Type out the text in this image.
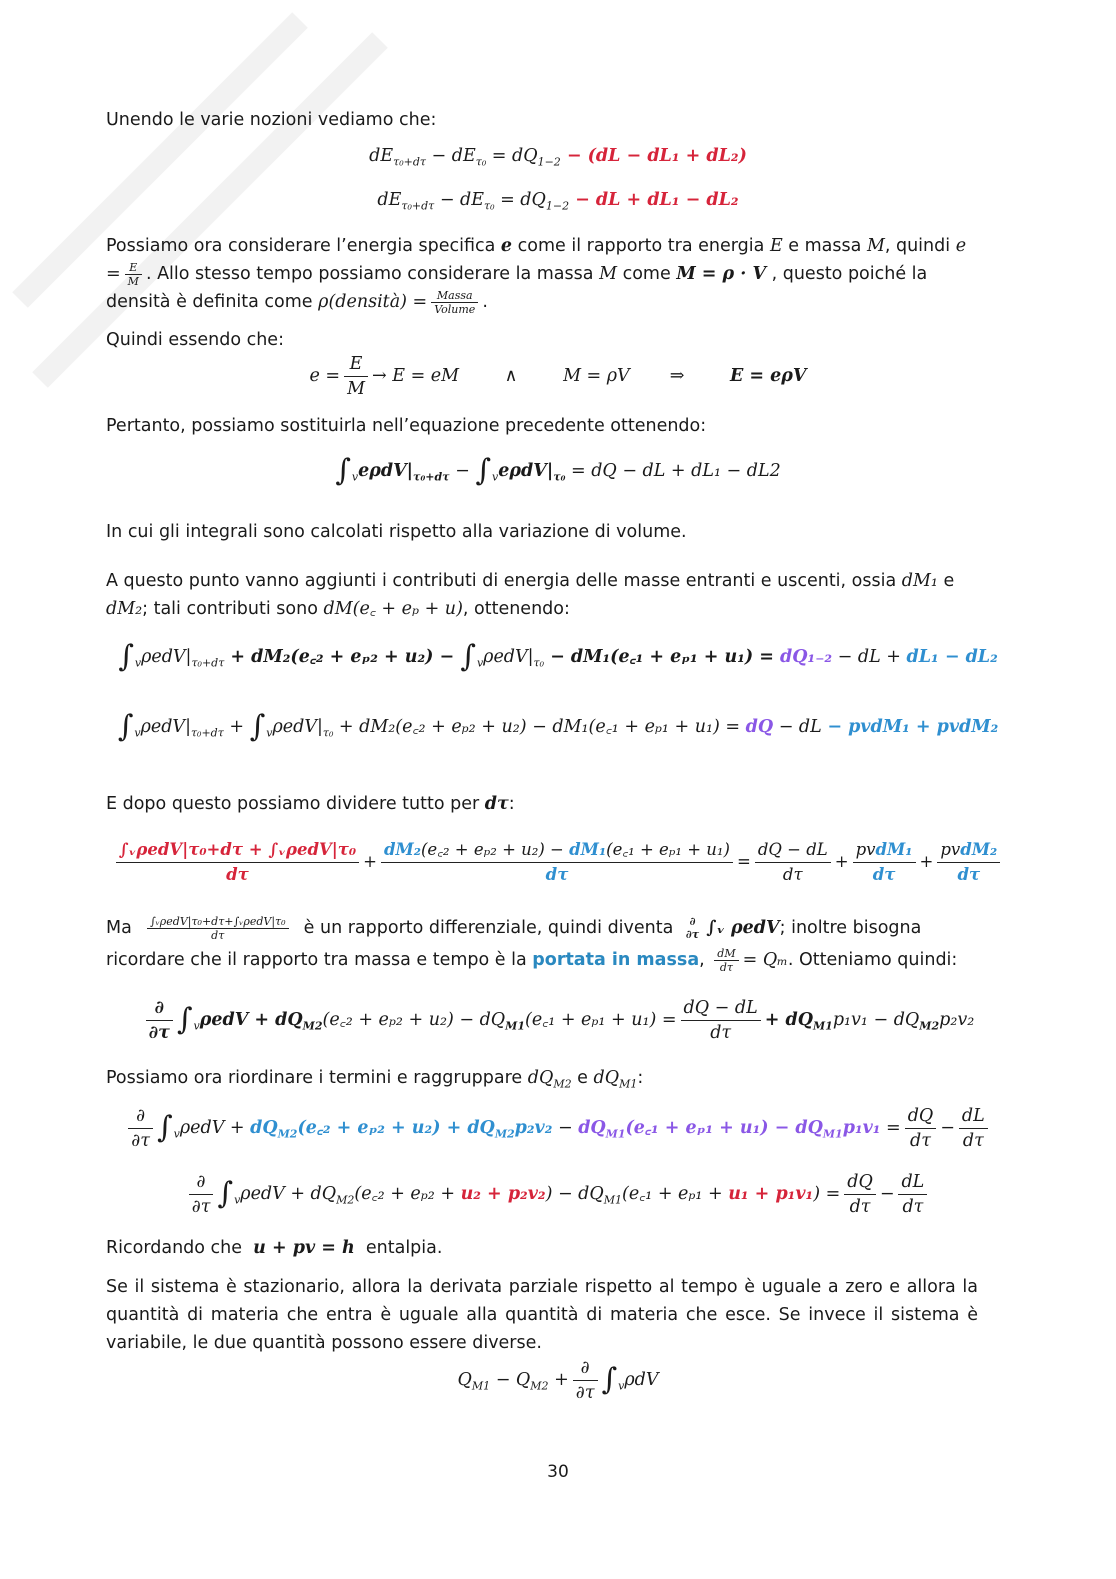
Unendo le varie nozioni vediamo che:
$dE_{\tau_0+d\tau} - dE_{\tau_0} = dQ_{1-2} - (dL - dL_1 + dL_2)$
$dE_{\tau_0+d\tau} - dE_{\tau_0} = dQ_{1-2}$ − dL + dL₁ − dL₂
Possiamo ora considerare l’energia specifica e come il rapporto tra energia E e massa M, quindi $e = \frac{E}{M}$ . Allo stesso tempo possiamo considerare la massa M come M = ρ · V , questo poiché la densità è definita come ρ(densità) = $\frac{\text{Massa}}{\text{Volume}}$ .
Quindi essendo che:
$e = \frac{E}{M} \to E$ = eM	∧	M = ρV ⇒	E = eρV
Pertanto, possiamo sostituirla nell’equazione precedente ottenendo:
$\int_ve\rho dV|_{\tau_0+d\tau} - \int_ve\rho dV|_{\tau_0}$ = dQ − dL + dL₁ − dL2
In cui gli integrali sono calcolati rispetto alla variazione di volume.
A questo punto vanno aggiunti i contributi di energia delle masse entranti e uscenti, ossia dM₁ e dM₂; tali contributi sono dM(e꜀ + eₚ + u), ottenendo:
$\int_v\rho edV|_{\tau_0+d\tau}$ + dM₂(e꜀₂ + $e_{p2} + u_2) - \int_v\rho edV|_{\tau_0}$ − dM₁(e꜀₁ + eₚ₁ + u₁) = dQ₁₋₂ − dL + dL₁ − dL₂
$\int_v\rho edV|_{\tau_0+d\tau} + \int_v\rho edV|_{\tau_0}$ + dM₂(e꜀₂ + eₚ₂ + u₂) − dM₁(e꜀₁ + eₚ₁ + u₁) = dQ − dL − pvdM₁ + pvdM₂
E dopo questo possiamo dividere tutto per dτ:
$\frac{\text{∫ᵥρedV|τ₀+dτ + ∫ᵥρedV|τ₀}}{d\tau} + \frac{\text{dM₂(e꜀₂ + eₚ₂ + u₂) − dM₁(e꜀₁ + eₚ₁ + u₁)}}{d\tau} = \frac{dQ - dL}{d\tau} + \frac{\text{pvdM₁}}{d\tau} + \frac{\text{pvdM₂}}{d\tau}$
Ma $\frac{\text{∫ᵥρedV|τ₀+dτ+∫ᵥρedV|τ₀}}{d\tau}$ è un rapporto differenziale, quindi diventa	∂
∂τ ∫ᵥ ρedV; inoltre bisogna ricordare che il rapporto tra massa e tempo è la portata in massa, $\frac{dM}{d\tau} = Q_m$. Otteniamo quindi:
$\frac{\partial}{\partial\tau} \int_v\rho edV$ + $dQ_{M2}(e꜀_2 + e_{p2} + u_2)$ − $dQ_{M1}(e꜀_1 + e_{p1} + u_1) = \frac{dQ - dL}{d\tau} + dQ_{M1}p_1v_1 - dQ_{M2}p_2v_2$
Possiamo ora riordinare i termini e raggruppare $dQ_{M2}$ e $dQ_{M1}$:
$\frac{\partial}{\partial\tau} \int_v\rho edV$ + $dQ_{M2}(e꜀_2 + e_{p2} + u_2) + dQ_{M2}p_2v_2$ − $dQ_{M1}(e꜀_1 + e_{p1} + u_1) - dQ_{M1}p_1v_1 = \frac{dQ}{d\tau} - \frac{dL}{d\tau}$
$\frac{\partial}{\partial\tau} \int_v\rho edV$ + $dQ_{M2}(e꜀_2 + e_{p2} + u_2 + p_2v_2)$ − $dQ_{M1}(e꜀_1 + e_{p1} + u_1 + p_1v_1) = \frac{dQ}{d\tau} - \frac{dL}{d\tau}$
Ricordando che u + pv = h entalpia.
Se il sistema è stazionario, allora la derivata parziale rispetto al tempo è uguale a zero e allora la quantità di materia che entra è uguale alla quantità di materia che esce. Se invece il sistema è variabile, le due quantità possono essere diverse.
$Q_{M1} - Q_{M2} + \frac{\partial}{\partial\tau} \int_v\rho dV$
30
